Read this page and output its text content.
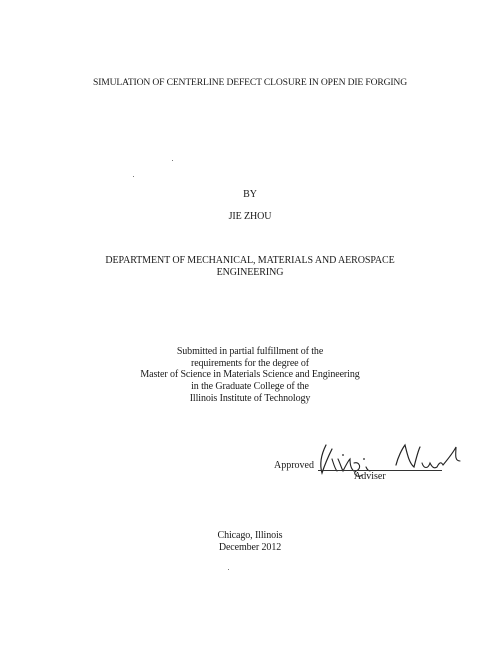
SIMULATION OF CENTERLINE DEFECT CLOSURE IN OPEN DIE FORGING
BY
JIE ZHOU
DEPARTMENT OF MECHANICAL, MATERIALS AND AEROSPACE
ENGINEERING
Submitted in partial fulfillment of the
requirements for the degree of
Master of Science in Materials Science and Engineering
in the Graduate College of the
Illinois Institute of Technology
Approved
Adviser
Chicago, Illinois
December 2012
